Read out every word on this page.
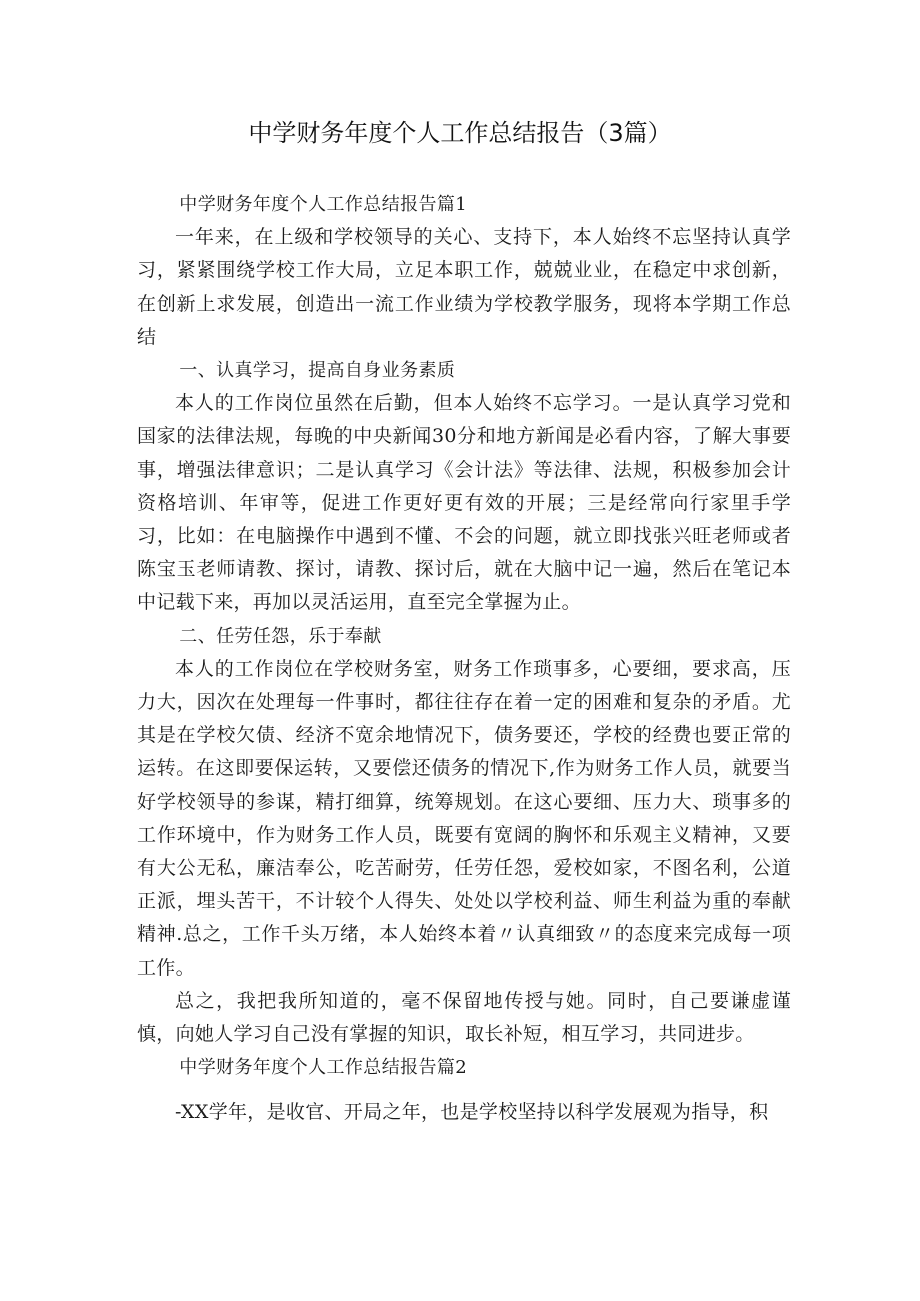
中学财务年度个人工作总结报告（3篇）

中学财务年度个人工作总结报告篇1

一年来，在上级和学校领导的关心、支持下，本人始终不忘坚持认真学习，紧紧围绕学校工作大局，立足本职工作，兢兢业业，在稳定中求创新，在创新上求发展，创造出一流工作业绩为学校教学服务，现将本学期工作总结

一、认真学习，提高自身业务素质

本人的工作岗位虽然在后勤，但本人始终不忘学习。一是认真学习党和国家的法律法规，每晚的中央新闻30分和地方新闻是必看内容，了解大事要事，增强法律意识；二是认真学习《会计法》等法律、法规，积极参加会计资格培训、年审等，促进工作更好更有效的开展；三是经常向行家里手学习，比如：在电脑操作中遇到不懂、不会的问题，就立即找张兴旺老师或者陈宝玉老师请教、探讨，请教、探讨后，就在大脑中记一遍，然后在笔记本中记载下来，再加以灵活运用，直至完全掌握为止。

二、任劳任怨，乐于奉献

本人的工作岗位在学校财务室，财务工作琐事多，心要细，要求高，压力大，因次在处理每一件事时，都往往存在着一定的困难和复杂的矛盾。尤其是在学校欠债、经济不宽余地情况下，债务要还，学校的经费也要正常的运转。在这即要保运转，又要偿还债务的情况下,作为财务工作人员，就要当好学校领导的参谋，精打细算，统筹规划。在这心要细、压力大、琐事多的工作环境中，作为财务工作人员，既要有宽阔的胸怀和乐观主义精神，又要有大公无私，廉洁奉公，吃苦耐劳，任劳任怨，爱校如家，不图名利，公道正派，埋头苦干，不计较个人得失、处处以学校利益、师生利益为重的奉献精神.总之，工作千头万绪，本人始终本着〃认真细致〃的态度来完成每一项工作。

总之，我把我所知道的，毫不保留地传授与她。同时，自己要谦虚谨慎，向她人学习自己没有掌握的知识，取长补短，相互学习，共同进步。

中学财务年度个人工作总结报告篇2

-XX学年，是收官、开局之年，也是学校坚持以科学发展观为指导，积
